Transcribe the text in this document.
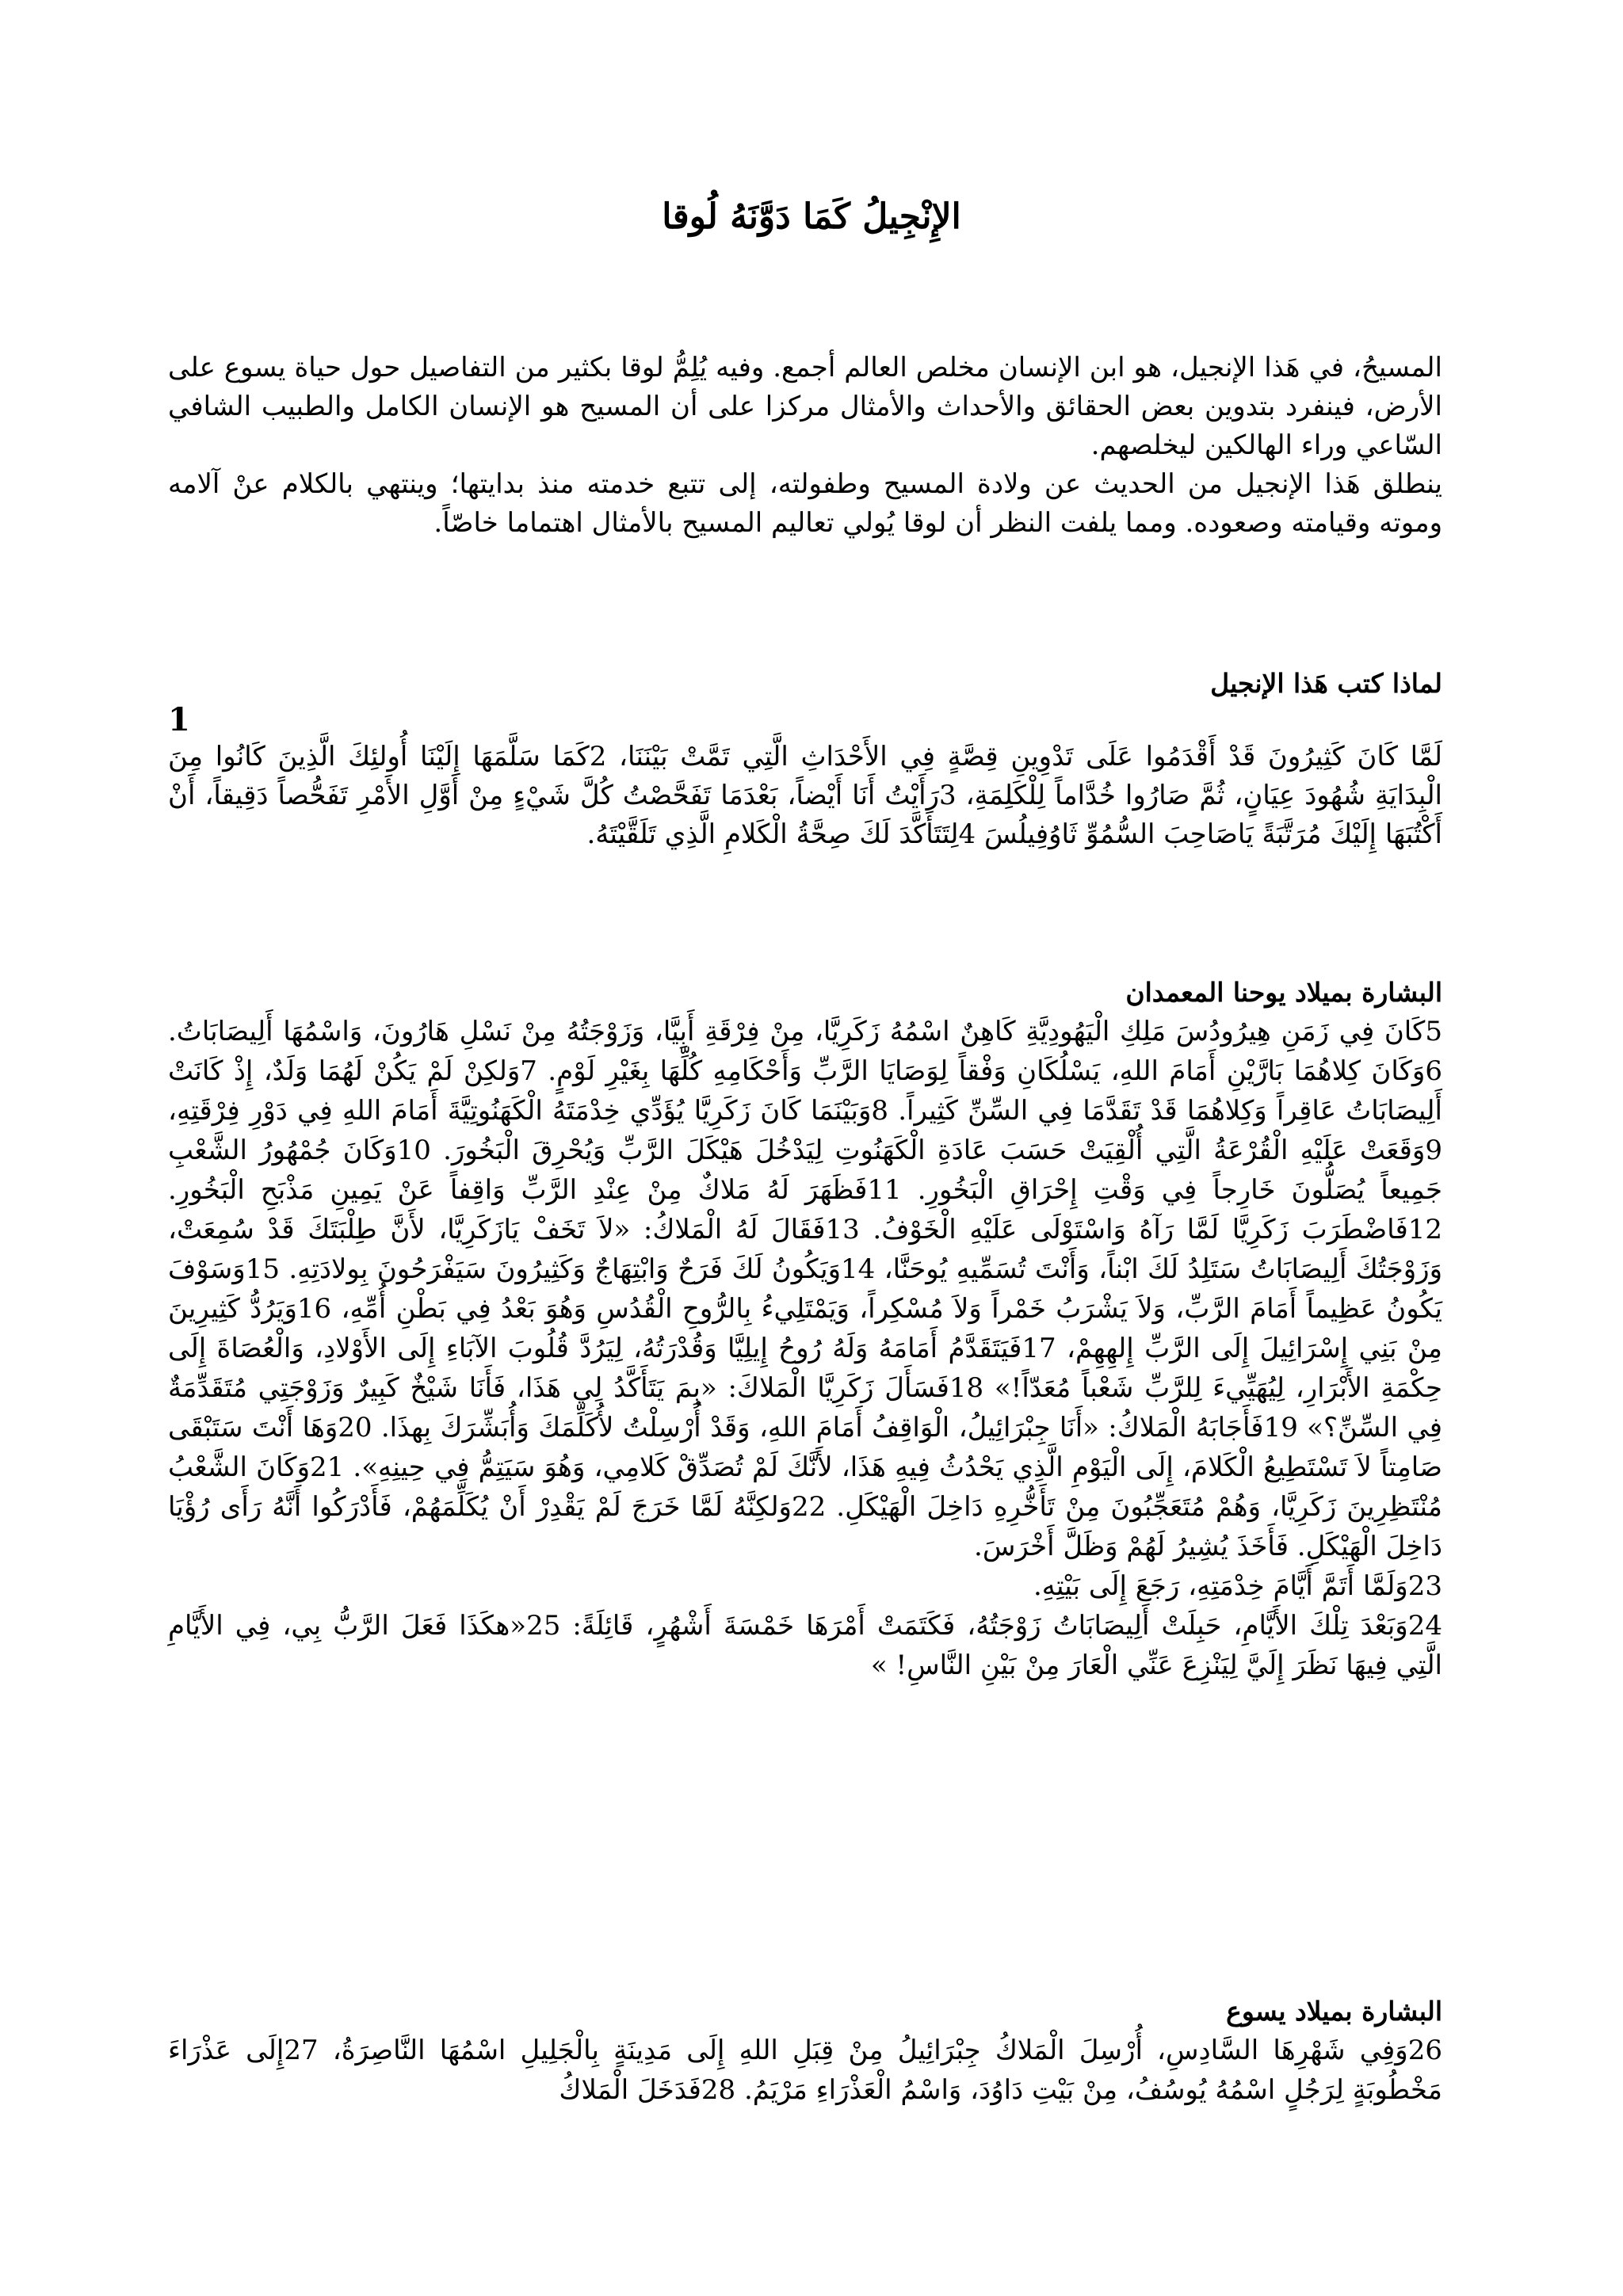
الإِنْجِيلُ كَمَا دَوَّنَهُ لُوقا

المسيحُ، في هَذا الإنجيل، هو ابن الإنسان مخلص العالم أجمع. وفيه يُلِمُّ لوقا بكثير من التفاصيل حول حياة يسوع على الأرض، فينفرد بتدوين بعض الحقائق والأحداث والأمثال مركزا على أن المسيح هو الإنسان الكامل والطبيب الشافي السّاعي وراء الهالكين ليخلصهم.

ينطلق هَذا الإنجيل من الحديث عن ولادة المسيح وطفولته، إلى تتبع خدمته منذ بدايتها؛ وينتهي بالكلام عنْ آلامه وموته وقيامته وصعوده. ومما يلفت النظر أن لوقا يُولي تعاليم المسيح بالأمثال اهتماما خاصّاً.

لماذا كتب هَذا الإنجيل
1

لَمَّا كَانَ كَثِيرُونَ قَدْ أَقْدَمُوا عَلَى تَدْوِينِ قِصَّةٍ فِي الأَحْدَاثِ الَّتِي تَمَّتْ بَيْنَنَا، 2كَمَا سَلَّمَهَا إِلَيْنَا أُولئِكَ الَّذِينَ كَانُوا مِنَ الْبِدَايَةِ شُهُودَ عِيَانٍ، ثُمَّ صَارُوا خُدَّاماً لِلْكَلِمَةِ، 3رَأَيْتُ أَنَا أَيْضاً، بَعْدَمَا تَفَحَّصْتُ كُلَّ شَيْءٍ مِنْ أَوَّلِ الأَمْرِ تَفَحُّصاً دَقِيقاً، أَنْ أَكْتُبَهَا إِلَيْكَ مُرَتَّبَةً يَاصَاحِبَ السُّمُوِّ ثَاوُفِيلُسَ 4لِتَتَأَكَّدَ لَكَ صِحَّةُ الْكَلامِ الَّذِي تَلَقَّيْتَهُ.

البشارة بميلاد يوحنا المعمدان

5كَانَ فِي زَمَنِ هِيرُودُسَ مَلِكِ الْيَهُودِيَّةِ كَاهِنٌ اسْمُهُ زَكَرِيَّا، مِنْ فِرْقَةِ أَبِيَّا، وَزَوْجَتُهُ مِنْ نَسْلِ هَارُونَ، وَاسْمُهَا أَلِيصَابَاتُ. 6وَكَانَ كِلاهُمَا بَارَّيْنِ أَمَامَ اللهِ، يَسْلُكَانِ وَفْقاً لِوَصَايَا الرَّبِّ وَأَحْكَامِهِ كُلِّهَا بِغَيْرِ لَوْمٍ. 7وَلكِنْ لَمْ يَكُنْ لَهُمَا وَلَدٌ، إِذْ كَانَتْ أَلِيصَابَاتُ عَاقِراً وَكِلاهُمَا قَدْ تَقَدَّمَا فِي السِّنِّ كَثِيراً. 8وَبَيْنَمَا كَانَ زَكَرِيَّا يُؤَدِّي خِدْمَتَهُ الْكَهَنُوتِيَّةَ أَمَامَ اللهِ فِي دَوْرِ فِرْقَتِهِ، 9وَقَعَتْ عَلَيْهِ الْقُرْعَةُ الَّتِي أُلْقِيَتْ حَسَبَ عَادَةِ الْكَهَنُوتِ لِيَدْخُلَ هَيْكَلَ الرَّبِّ وَيُحْرِقَ الْبَخُورَ. 10وَكَانَ جُمْهُورُ الشَّعْبِ جَمِيعاً يُصَلُّونَ خَارِجاً فِي وَقْتِ إِحْرَاقِ الْبَخُورِ. 11فَظَهَرَ لَهُ مَلاكٌ مِنْ عِنْدِ الرَّبِّ وَاقِفاً عَنْ يَمِينِ مَذْبَحِ الْبَخُورِ. 12فَاضْطَرَبَ زَكَرِيَّا لَمَّا رَآهُ وَاسْتَوْلَى عَلَيْهِ الْخَوْفُ. 13فَقَالَ لَهُ الْمَلاكُ: «لاَ تَخَفْ يَازَكَرِيَّا، لأَنَّ طِلْبَتَكَ قَدْ سُمِعَتْ، وَزَوْجَتُكَ أَلِيصَابَاتُ سَتَلِدُ لَكَ ابْناً، وَأَنْتَ تُسَمِّيهِ يُوحَنَّا، 14وَيَكُونُ لَكَ فَرَحٌ وَابْتِهَاجٌ وَكَثِيرُونَ سَيَفْرَحُونَ بِولادَتِهِ. 15وَسَوْفَ يَكُونُ عَظِيماً أَمَامَ الرَّبِّ، وَلاَ يَشْرَبُ خَمْراً وَلاَ مُسْكِراً، وَيَمْتَلِيءُ بِالرُّوحِ الْقُدُسِ وَهُوَ بَعْدُ فِي بَطْنِ أُمِّهِ، 16وَيَرُدُّ كَثِيرِينَ مِنْ بَنِي إِسْرَائِيلَ إِلَى الرَّبِّ إِلهِهِمْ، 17فَيَتَقَدَّمُ أَمَامَهُ وَلَهُ رُوحُ إِيلِيَّا وَقُدْرَتُهُ، لِيَرُدَّ قُلُوبَ الآبَاءِ إِلَى الأَوْلادِ، وَالْعُصَاةَ إِلَى حِكْمَةِ الأَبْرَارِ، لِيُهَيِّيءَ لِلرَّبِّ شَعْباً مُعَدّاً!» 18فَسَأَلَ زَكَرِيَّا الْمَلاكَ: «بِمَ يَتَأَكَّدُ لِي هَذَا، فَأَنَا شَيْخٌ كَبِيرٌ وَزَوْجَتِي مُتَقَدِّمَةٌ فِي السِّنِّ؟» 19فَأَجَابَهُ الْمَلاكُ: «أَنَا جِبْرَائِيلُ، الْوَاقِفُ أَمَامَ اللهِ، وَقَدْ أُرْسِلْتُ لأُكَلِّمَكَ وَأُبَشِّرَكَ بِهذَا. 20وَهَا أَنْتَ سَتَبْقَى صَامِتاً لاَ تَسْتَطِيعُ الْكَلامَ، إِلَى الْيَوْمِ الَّذِي يَحْدُثُ فِيهِ هَذَا، لأَنَّكَ لَمْ تُصَدِّقْ كَلامِي، وَهُوَ سَيَتِمُّ فِي حِينِهِ». 21وَكَانَ الشَّعْبُ مُنْتَظِرِينَ زَكَرِيَّا، وَهُمْ مُتَعَجِّبُونَ مِنْ تَأَخُّرِهِ دَاخِلَ الْهَيْكَلِ. 22وَلكِنَّهُ لَمَّا خَرَجَ لَمْ يَقْدِرْ أَنْ يُكَلِّمَهُمْ، فَأَدْرَكُوا أَنَّهُ رَأَى رُؤْيَا دَاخِلَ الْهَيْكَلِ. فَأَخَذَ يُشِيرُ لَهُمْ وَظَلَّ أَخْرَسَ.

23وَلَمَّا أَتَمَّ أَيَّامَ خِدْمَتِهِ، رَجَعَ إِلَى بَيْتِهِ.

24وَبَعْدَ تِلْكَ الأَيَّامِ، حَبِلَتْ أَلِيصَابَاتُ زَوْجَتُهُ، فَكَتَمَتْ أَمْرَهَا خَمْسَةَ أَشْهُرٍ، قَائِلَةً: 25«هكَذَا فَعَلَ الرَّبُّ بِي، فِي الأَيَّامِ الَّتِي فِيهَا نَظَرَ إِلَيَّ لِيَنْزِعَ عَنِّي الْعَارَ مِنْ بَيْنِ النَّاسِ! »

البشارة بميلاد يسوع

26وَفِي شَهْرِهَا السَّادِسِ، أُرْسِلَ الْمَلاكُ جِبْرَائِيلُ مِنْ قِبَلِ اللهِ إِلَى مَدِينَةٍ بِالْجَلِيلِ اسْمُهَا النَّاصِرَةُ، 27إِلَى عَذْرَاءَ مَخْطُوبَةٍ لِرَجُلٍ اسْمُهُ يُوسُفُ، مِنْ بَيْتِ دَاوُدَ، وَاسْمُ الْعَذْرَاءِ مَرْيَمُ. 28فَدَخَلَ الْمَلاكُ
